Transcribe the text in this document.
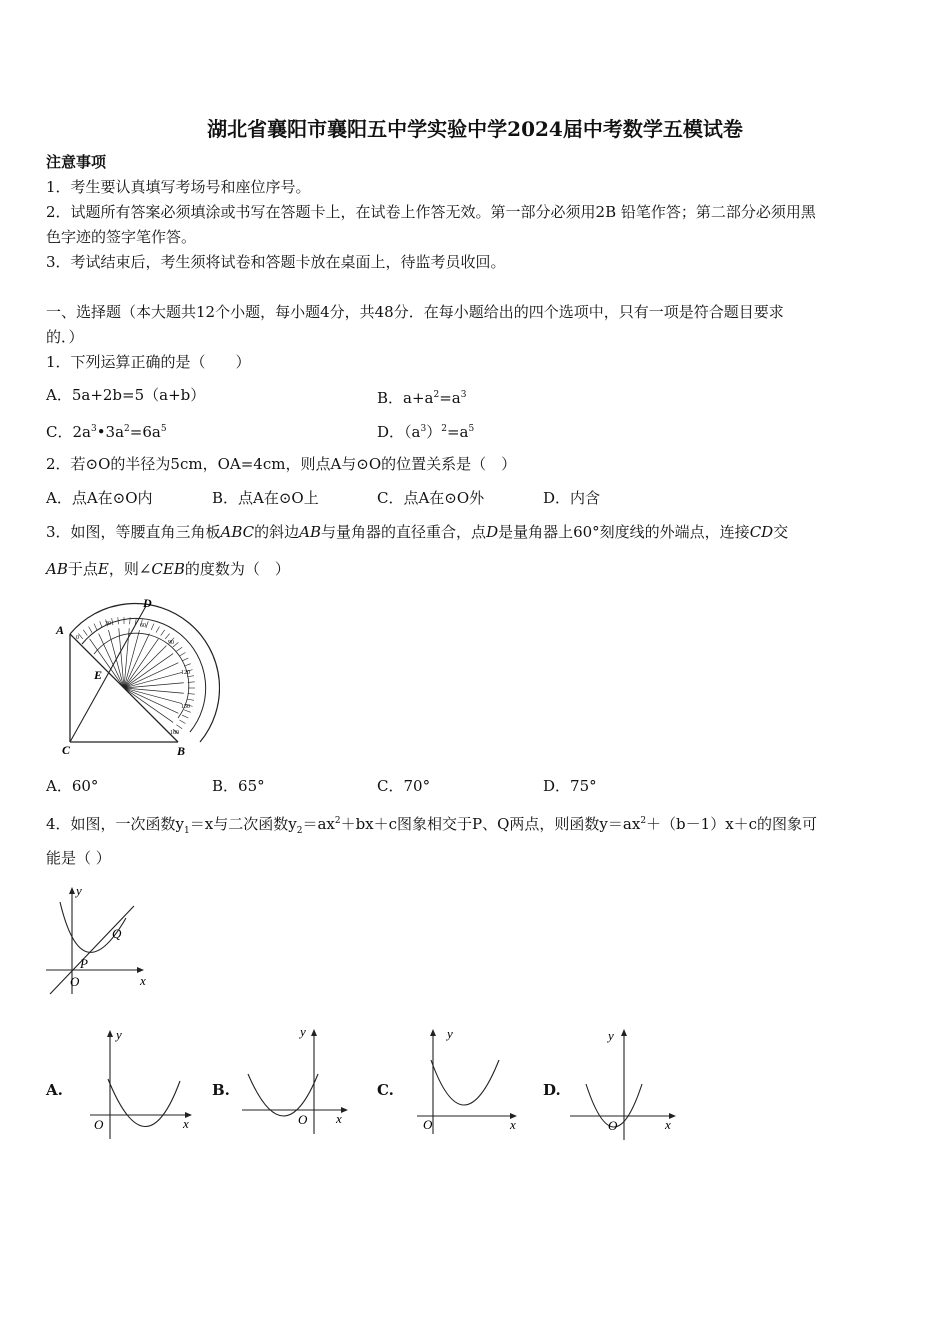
湖北省襄阳市襄阳五中学实验中学2024届中考数学五模试卷
注意事项
1．考生要认真填写考场号和座位序号。
2．试题所有答案必须填涂或书写在答题卡上，在试卷上作答无效。第一部分必须用2B 铅笔作答；第二部分必须用黑
色字迹的签字笔作答。
3．考试结束后，考生须将试卷和答题卡放在桌面上，待监考员收回。
一、选择题（本大题共12个小题，每小题4分，共48分．在每小题给出的四个选项中，只有一项是符合题目要求
的．）
1．下列运算正确的是（　　）
A．5a+2b=5（a+b）	B．$a+a^2=a^3$
C．$2a^3•3a^2=6a^5$	D．$(a^3)^2=a^5$
2．若⊙O的半径为5cm，OA=4cm，则点A与⊙O的位置关系是（　）
A．点A在⊙O内	B．点A在⊙O上	C．点A在⊙O外	D．内含
3．如图，等腰直角三角板ABC的斜边AB与量角器的直径重合，点D是量角器上60°刻度线的外端点，连接CD交
AB于点E，则∠CEB的度数为（　）
A
B
C
D
E
0
30	60
90
120
150
180
A．60°	B．65°	C．70°	D．75°
4．如图，一次函数$y_1=x$与二次函数$y_2=ax^2+bx+c$图象相交于P、Q两点，则函数$y=ax^2+(b-1)x+c$的图象可
能是（ ）
y
x
O
P
Q
A.
y
x
O
B.
y
x
O
C.
y
x
O
D.
y
x
O
